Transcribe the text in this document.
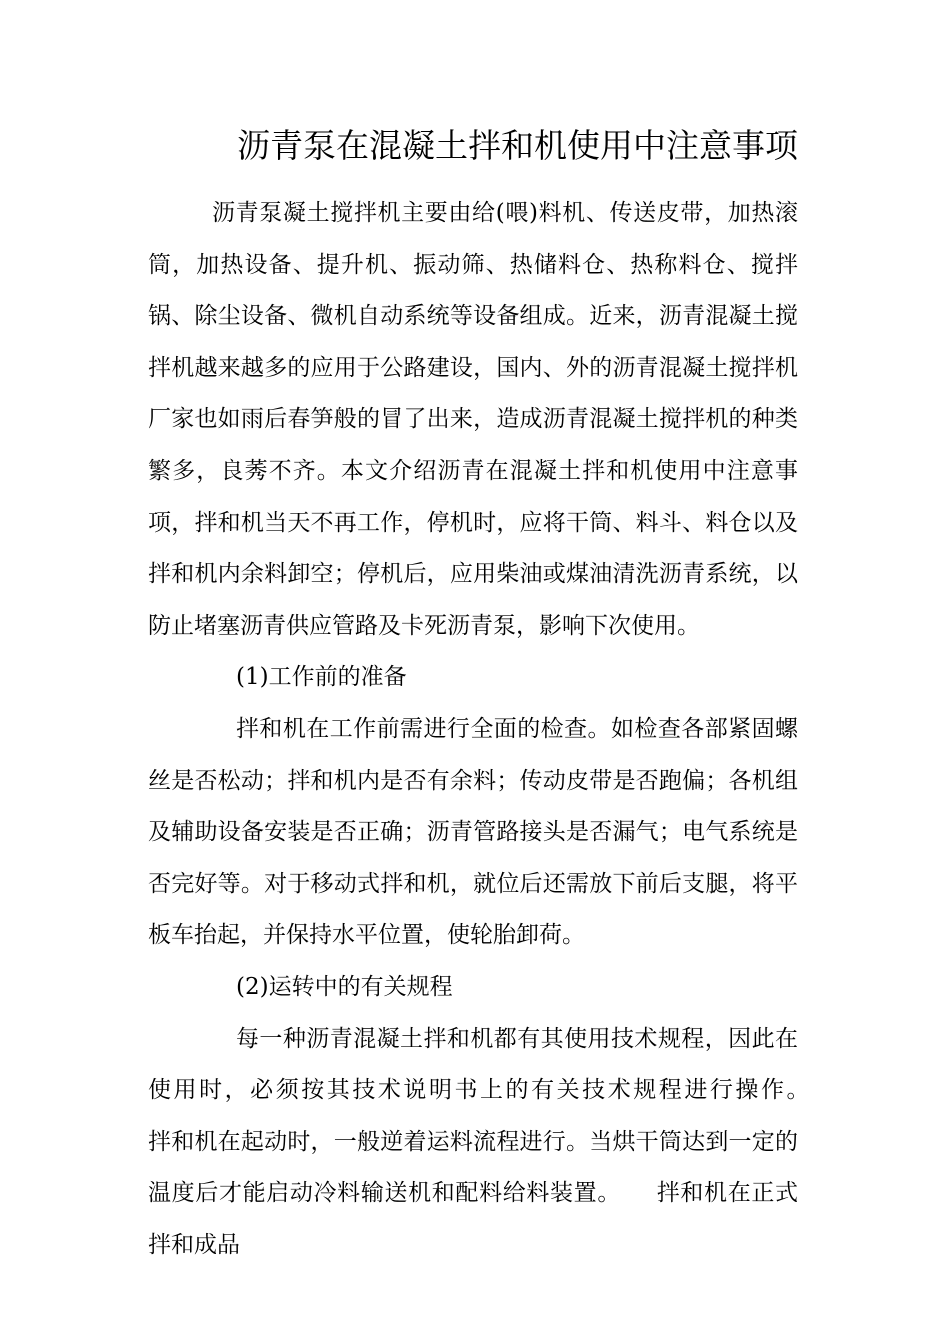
沥青泵在混凝土拌和机使用中注意事项

沥青泵凝土搅拌机主要由给(喂)料机、传送皮带，加热滚筒，加热设备、提升机、振动筛、热储料仓、热称料仓、搅拌锅、除尘设备、微机自动系统等设备组成。近来，沥青混凝土搅拌机越来越多的应用于公路建设，国内、外的沥青混凝土搅拌机厂家也如雨后春笋般的冒了出来，造成沥青混凝土搅拌机的种类繁多，良莠不齐。本文介绍沥青在混凝土拌和机使用中注意事项，拌和机当天不再工作，停机时，应将干筒、料斗、料仓以及拌和机内余料卸空；停机后，应用柴油或煤油清洗沥青系统，以防止堵塞沥青供应管路及卡死沥青泵，影响下次使用。

(1)工作前的准备

拌和机在工作前需进行全面的检查。如检查各部紧固螺丝是否松动；拌和机内是否有余料；传动皮带是否跑偏；各机组及辅助设备安装是否正确；沥青管路接头是否漏气；电气系统是否完好等。对于移动式拌和机，就位后还需放下前后支腿，将平板车抬起，并保持水平位置，使轮胎卸荷。

(2)运转中的有关规程

每一种沥青混凝土拌和机都有其使用技术规程，因此在使用时，必须按其技术说明书上的有关技术规程进行操作。　　拌和机在起动时，一般逆着运料流程进行。当烘干筒达到一定的温度后才能启动冷料输送机和配料给料装置。　　拌和机在正式拌和成品
